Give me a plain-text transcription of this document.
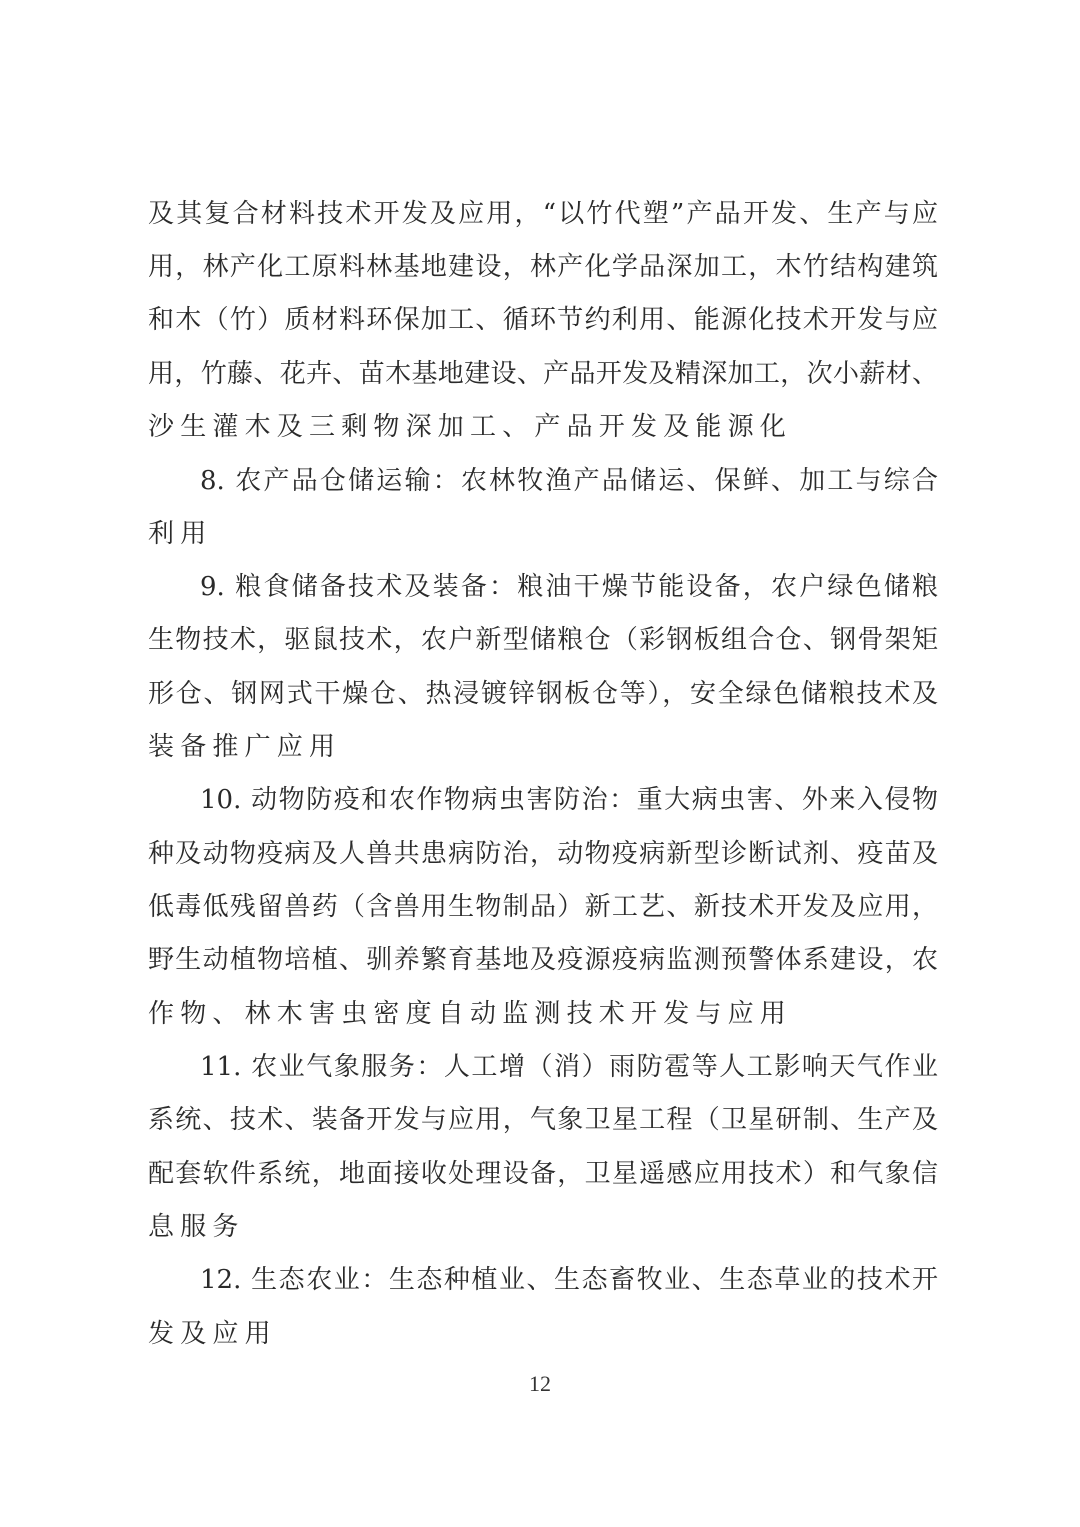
及其复合材料技术开发及应用，“以竹代塑”产品开发、生产与应
用，林产化工原料林基地建设，林产化学品深加工，木竹结构建筑
和木（竹）质材料环保加工、循环节约利用、能源化技术开发与应
用，竹藤、花卉、苗木基地建设、产品开发及精深加工，次小薪材、
沙生灌木及三剩物深加工、产品开发及能源化
8. 农产品仓储运输：农林牧渔产品储运、保鲜、加工与综合
利用
9. 粮食储备技术及装备：粮油干燥节能设备，农户绿色储粮
生物技术，驱鼠技术，农户新型储粮仓（彩钢板组合仓、钢骨架矩
形仓、钢网式干燥仓、热浸镀锌钢板仓等），安全绿色储粮技术及
装备推广应用
10. 动物防疫和农作物病虫害防治：重大病虫害、外来入侵物
种及动物疫病及人兽共患病防治，动物疫病新型诊断试剂、疫苗及
低毒低残留兽药（含兽用生物制品）新工艺、新技术开发及应用，
野生动植物培植、驯养繁育基地及疫源疫病监测预警体系建设，农
作物、林木害虫密度自动监测技术开发与应用
11. 农业气象服务：人工增（消）雨防雹等人工影响天气作业
系统、技术、装备开发与应用，气象卫星工程（卫星研制、生产及
配套软件系统，地面接收处理设备，卫星遥感应用技术）和气象信
息服务
12. 生态农业：生态种植业、生态畜牧业、生态草业的技术开
发及应用
12
